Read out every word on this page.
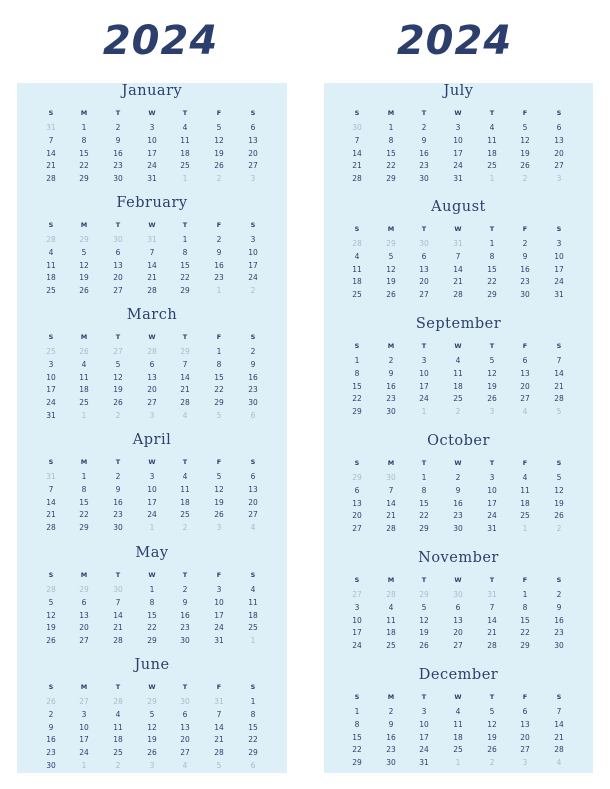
2024	2024
January
S	M	T	W	T	F	S
31	1	2	3	4	5	6
7	8	9	10	11	12	13
14	15	16	17	18	19	20
21	22	23	24	25	26	27
28	29	30	31	1	2	3
February
S	M	T	W	T	F	S
28	29	30	31	1	2	3
4	5	6	7	8	9	10
11	12	13	14	15	16	17
18	19	20	21	22	23	24
25	26	27	28	29	1	2
March
S	M	T	W	T	F	S
25	26	27	28	29	1	2
3	4	5	6	7	8	9
10	11	12	13	14	15	16
17	18	19	20	21	22	23
24	25	26	27	28	29	30
31	1	2	3	4	5	6
April
S	M	T	W	T	F	S
31	1	2	3	4	5	6
7	8	9	10	11	12	13
14	15	16	17	18	19	20
21	22	23	24	25	26	27
28	29	30	1	2	3	4
May
S	M	T	W	T	F	S
28	29	30	1	2	3	4
5	6	7	8	9	10	11
12	13	14	15	16	17	18
19	20	21	22	23	24	25
26	27	28	29	30	31	1
June
S	M	T	W	T	F	S
26	27	28	29	30	31	1
2	3	4	5	6	7	8
9	10	11	12	13	14	15
16	17	18	19	20	21	22
23	24	25	26	27	28	29
30	1	2	3	4	5	6
July
S	M	T	W	T	F	S
30	1	2	3	4	5	6
7	8	9	10	11	12	13
14	15	16	17	18	19	20
21	22	23	24	25	26	27
28	29	30	31	1	2	3
August
S	M	T	W	T	F	S
28	29	30	31	1	2	3
4	5	6	7	8	9	10
11	12	13	14	15	16	17
18	19	20	21	22	23	24
25	26	27	28	29	30	31
September
S	M	T	W	T	F	S
1	2	3	4	5	6	7
8	9	10	11	12	13	14
15	16	17	18	19	20	21
22	23	24	25	26	27	28
29	30	1	2	3	4	5
October
S	M	T	W	T	F	S
29	30	1	2	3	4	5
6	7	8	9	10	11	12
13	14	15	16	17	18	19
20	21	22	23	24	25	26
27	28	29	30	31	1	2
November
S	M	T	W	T	F	S
27	28	29	30	31	1	2
3	4	5	6	7	8	9
10	11	12	13	14	15	16
17	18	19	20	21	22	23
24	25	26	27	28	29	30
December
S	M	T	W	T	F	S
1	2	3	4	5	6	7
8	9	10	11	12	13	14
15	16	17	18	19	20	21
22	23	24	25	26	27	28
29	30	31	1	2	3	4
